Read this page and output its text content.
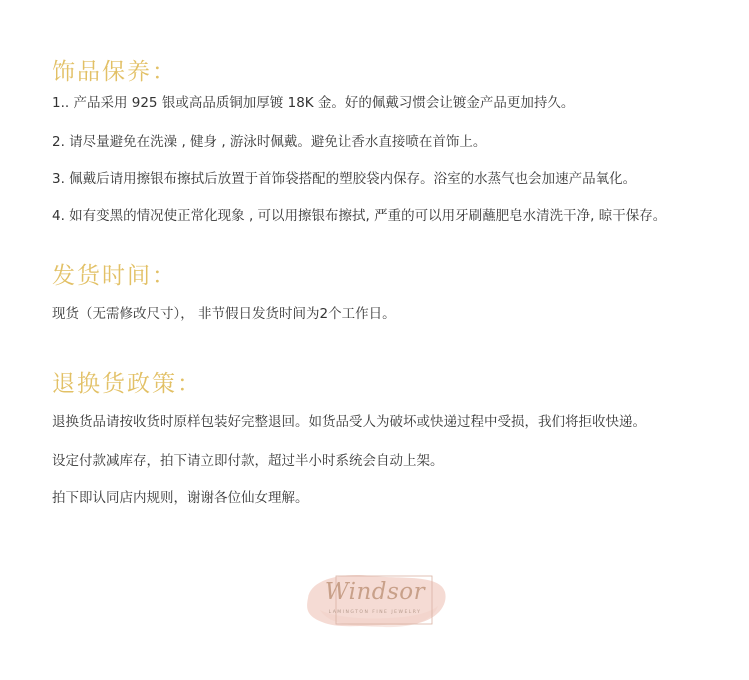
饰品保养：

1.. 产品采用 925 银或高品质铜加厚镀 18K 金。好的佩戴习惯会让镀金产品更加持久。

2. 请尽量避免在洗澡 , 健身 , 游泳时佩戴。避免让香水直接喷在首饰上。

3. 佩戴后请用擦银布擦拭后放置于首饰袋搭配的塑胶袋内保存。浴室的水蒸气也会加速产品氧化。

4. 如有变黑的情况使正常化现象 , 可以用擦银布擦拭, 严重的可以用牙刷蘸肥皂水清洗干净, 晾干保存。

发货时间：

现货（无需修改尺寸）， 非节假日发货时间为2个工作日。

退换货政策：

退换货品请按收货时原样包装好完整退回。如货品受人为破坏或快递过程中受损，我们将拒收快递。

设定付款减库存，拍下请立即付款，超过半小时系统会自动上架。

拍下即认同店内规则，谢谢各位仙女理解。

Windsor
LAMINGTON FINE JEWELRY
